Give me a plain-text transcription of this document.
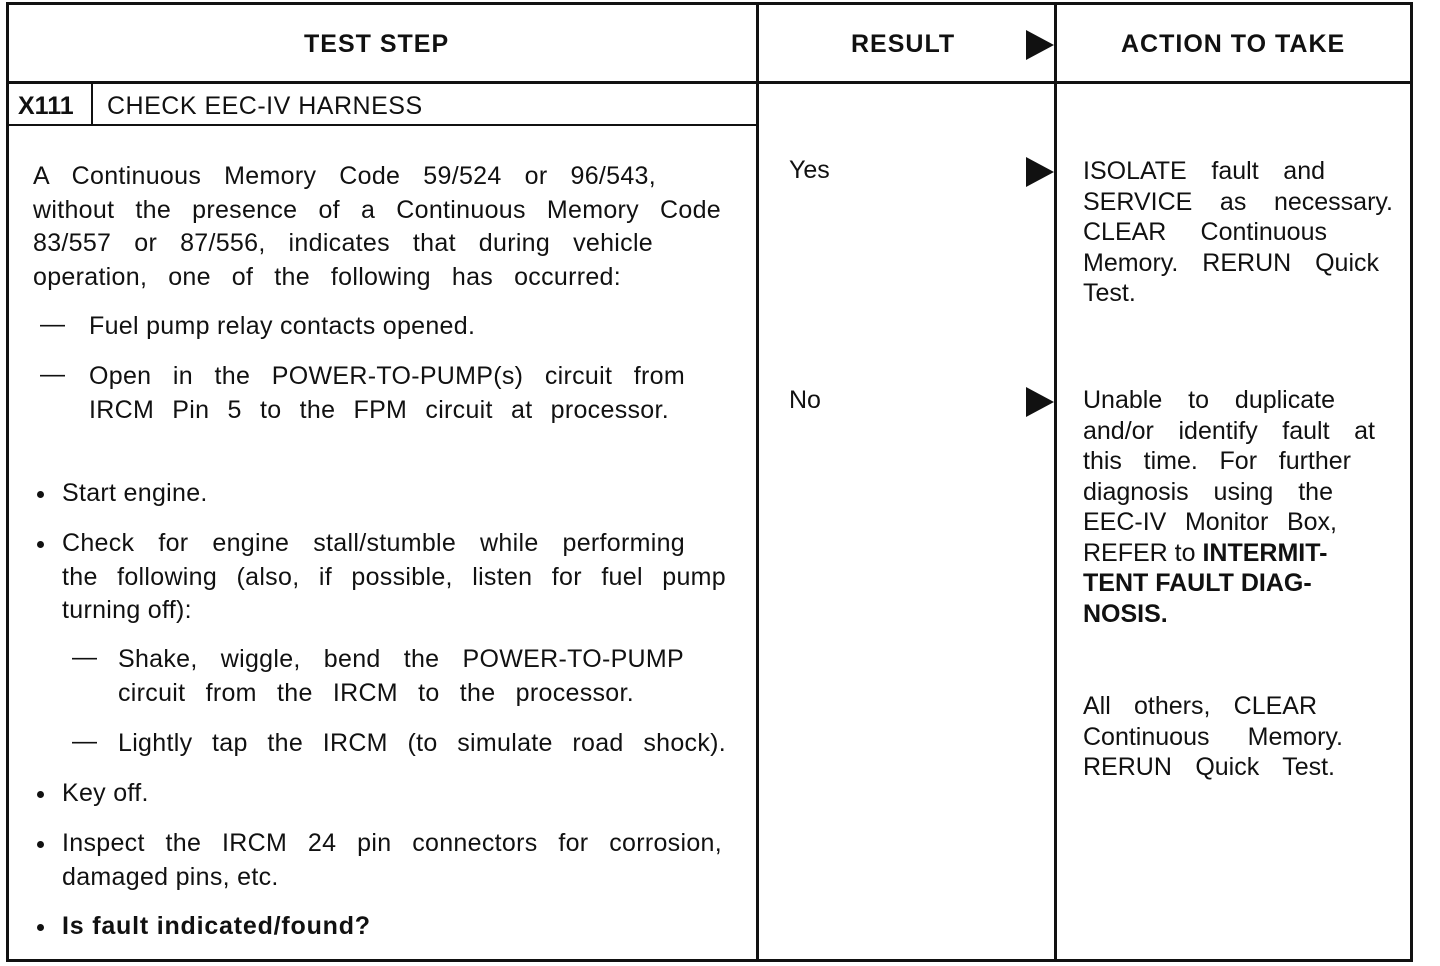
TEST STEP	RESULT	ACTION TO TAKE
X111 CHECK EEC-IV HARNESS
A Continuous Memory Code 59/524 or 96/543,
without the presence of a Continuous Memory Code
83/557 or 87/556, indicates that during vehicle
operation, one of the following has occurred:
— Fuel pump relay contacts opened.
— Open in the POWER-TO-PUMP(s) circuit from
IRCM Pin 5 to the FPM circuit at processor.
Start engine.
Check for engine stall/stumble while performing
the following (also, if possible, listen for fuel pump
turning off):
— Shake, wiggle, bend the POWER-TO-PUMP
circuit from the IRCM to the processor.
— Lightly tap the IRCM (to simulate road shock).
Key off.
Inspect the IRCM 24 pin connectors for corrosion,
damaged pins, etc.
Is fault indicated/found?
Yes
No
ISOLATE fault and
SERVICE as necessary.
CLEAR Continuous
Memory. RERUN Quick
Test.
Unable to duplicate
and/or identify fault at
this time. For further
diagnosis using the
EEC-IV Monitor Box,
REFER to INTERMIT-
TENT FAULT DIAG-
NOSIS.
All others, CLEAR
Continuous Memory.
RERUN Quick Test.
